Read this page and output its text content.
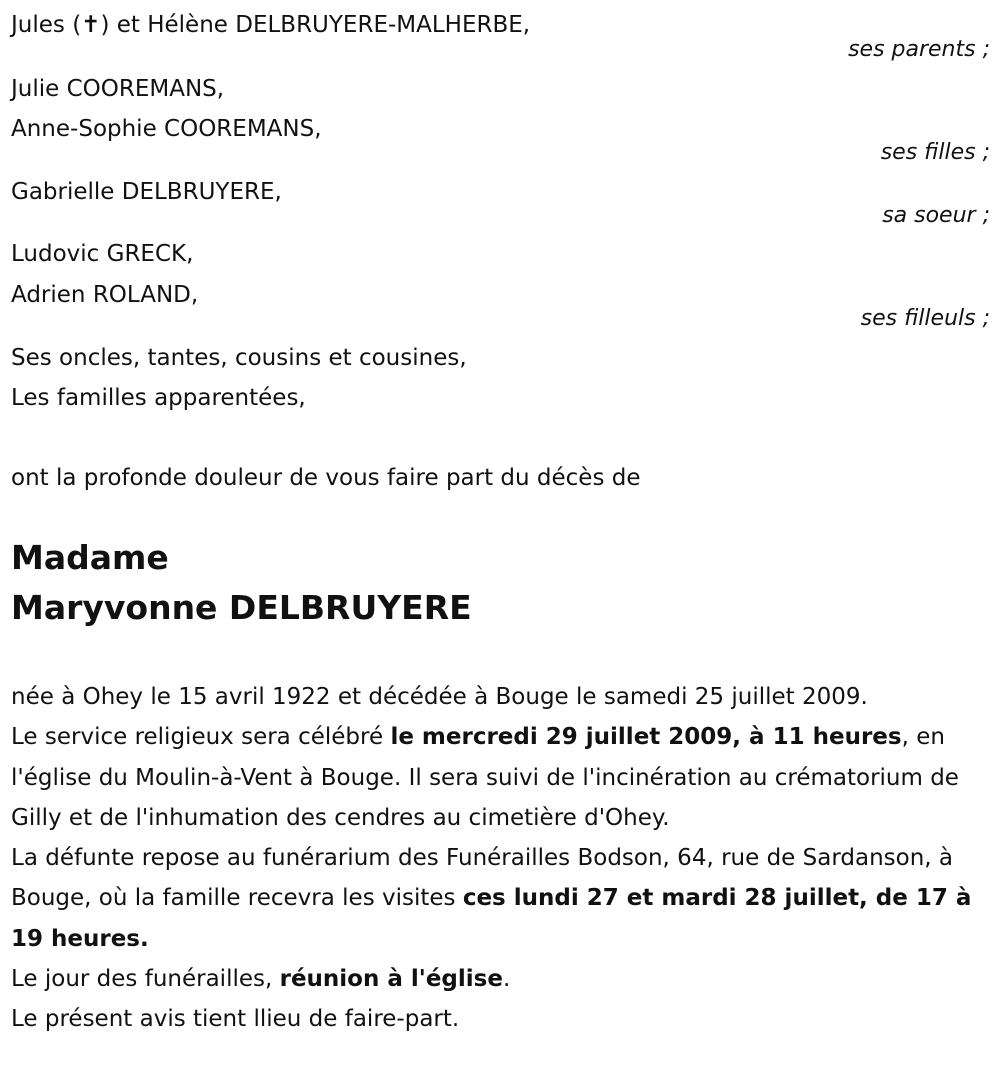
Jules (✝) et Hélène DELBRUYERE-MALHERBE,
ses parents ;
Julie COOREMANS,
Anne-Sophie COOREMANS,
ses filles ;
Gabrielle DELBRUYERE,
sa soeur ;
Ludovic GRECK,
Adrien ROLAND,
ses filleuls ;
Ses oncles, tantes, cousins et cousines,
Les familles apparentées,
ont la profonde douleur de vous faire part du décès de
Madame
Maryvonne DELBRUYERE

née à Ohey le 15 avril 1922 et décédée à Bouge le samedi 25 juillet 2009.

Le service religieux sera célébré le mercredi 29 juillet 2009, à 11 heures, en l'église du Moulin-à-Vent à Bouge. Il sera suivi de l'incinération au crématorium de Gilly et de l'inhumation des cendres au cimetière d'Ohey.

La défunte repose au funérarium des Funérailles Bodson, 64, rue de Sardanson, à Bouge, où la famille recevra les visites ces lundi 27 et mardi 28 juillet, de 17 à 19 heures.

Le jour des funérailles, réunion à l'église.

Le présent avis tient llieu de faire-part.
